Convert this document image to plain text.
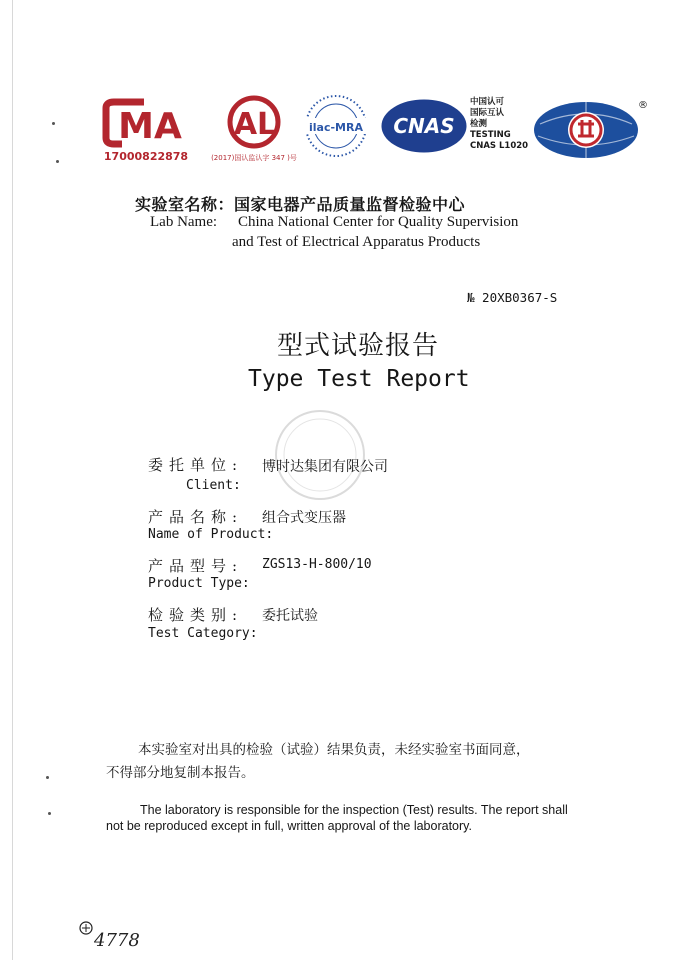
MA
17000822878
AL
(2017)国认监认字 347 )号
ilac-MRA CNAS
中国认可
国际互认
检测
TESTING
CNAS L1020
®
实验室名称：国家电器产品质量监督检验中心
Lab Name: China National Center for Quality Supervision
and Test of Electrical Apparatus Products
№ 20XB0367-S
型式试验报告
Type Test Report
委托单位:
Client:
博时达集团有限公司
产品名称:
Name of Product:
组合式变压器
产品型号:
Product Type:
ZGS13-H-800/10
检验类别:
Test Category:
委托试验
本实验室对出具的检验（试验）结果负责，未经实验室书面同意，
不得部分地复制本报告。
The laboratory is responsible for the inspection (Test) results. The report shall
not be reproduced except in full, written approval of the laboratory.
4778
